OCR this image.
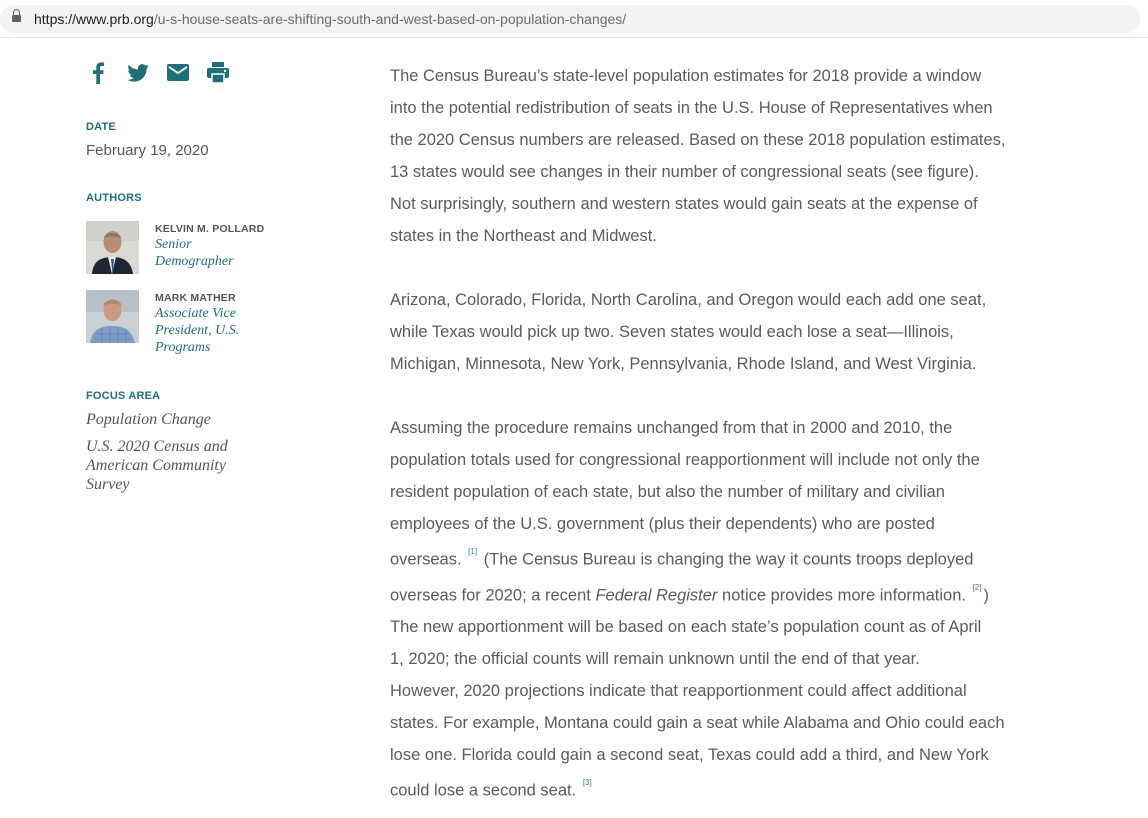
https://www.prb.org/u-s-house-seats-are-shifting-south-and-west-based-on-population-changes/
DATE
February 19, 2020
AUTHORS
KELVIN M. POLLARD
Senior
Demographer
MARK MATHER
Associate Vice
President, U.S.
Programs
FOCUS AREA
Population Change
U.S. 2020 Census and
American Community
Survey

The Census Bureau’s state-level population estimates for 2018 provide a window
into the potential redistribution of seats in the U.S. House of Representatives when
the 2020 Census numbers are released. Based on these 2018 population estimates,
13 states would see changes in their number of congressional seats (see figure).
Not surprisingly, southern and western states would gain seats at the expense of
states in the Northeast and Midwest.

Arizona, Colorado, Florida, North Carolina, and Oregon would each add one seat,
while Texas would pick up two. Seven states would each lose a seat—Illinois,
Michigan, Minnesota, New York, Pennsylvania, Rhode Island, and West Virginia.

Assuming the procedure remains unchanged from that in 2000 and 2010, the
population totals used for congressional reapportionment will include not only the
resident population of each state, but also the number of military and civilian
employees of the U.S. government (plus their dependents) who are posted
overseas. [1] (The Census Bureau is changing the way it counts troops deployed
overseas for 2020; a recent Federal Register notice provides more information. [2] )
The new apportionment will be based on each state’s population count as of April
1, 2020; the official counts will remain unknown until the end of that year.
However, 2020 projections indicate that reapportionment could affect additional
states. For example, Montana could gain a seat while Alabama and Ohio could each
lose one. Florida could gain a second seat, Texas could add a third, and New York
could lose a second seat. [3]
